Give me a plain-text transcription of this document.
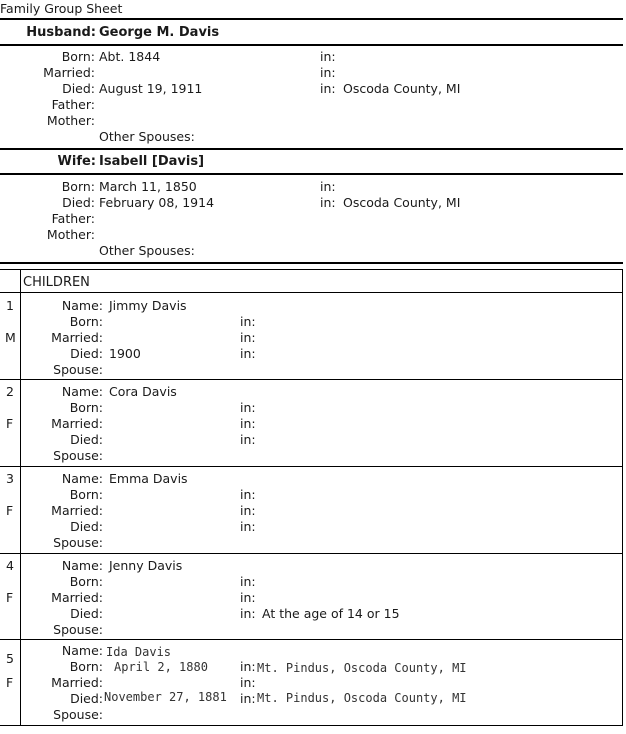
Family Group Sheet
Husband: George M. Davis
Born: Abt. 1844	in:
Married:	in:
Died: August 19, 1911	in: Oscoda County, MI
Father:
Mother:
Other Spouses:
Wife: Isabell [Davis]
Born: March 11, 1850	in:
Died: February 08, 1914	in: Oscoda County, MI
Father:
Mother:
Other Spouses:
CHILDREN
1
M
Name: Jimmy Davis
Born:	in:
Married:	in:
Died: 1900	in:
Spouse:
2
F
Name: Cora Davis
Born:	in:
Married:	in:
Died:	in:
Spouse:
3
F
Name: Emma Davis
Born:	in:
Married:	in:
Died:	in:
Spouse:
4
F
Name: Jenny Davis
Born:	in:
Married:	in:
Died:	in: At the age of 14 or 15
Spouse:
5
F
Name: Ida Davis
Born: April 2, 1880	in: Mt. Pindus, Oscoda County, MI
Married:	in:
Died: November 27, 1881 in: Mt. Pindus, Oscoda County, MI
Spouse:
